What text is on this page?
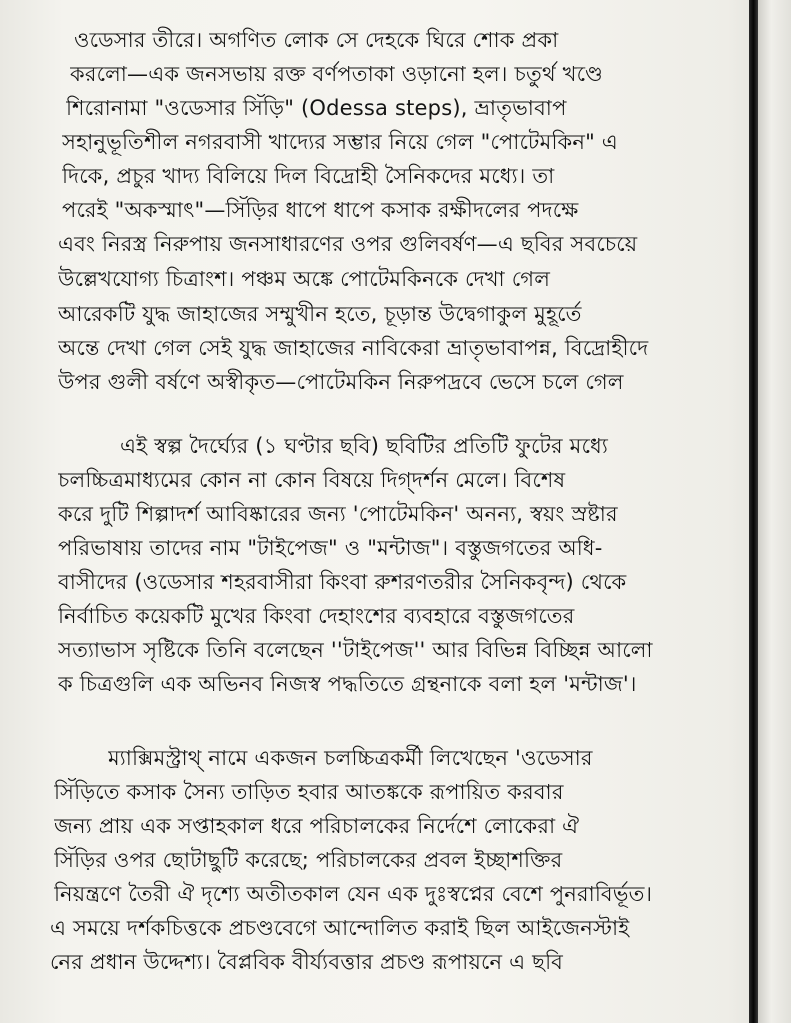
ওডেসার তীরে। অগণিত লোক সে দেহকে ঘিরে শোক প্রকা
করলো—এক জনসভায় রক্ত বর্ণপতাকা ওড়ানো হল। চতুর্থ খণ্ডে
শিরোনামা "ওডেসার সিঁড়ি" (Odessa steps), ভ্রাতৃভাবাপ
সহানুভূতিশীল নগরবাসী খাদ্যের সম্ভার নিয়ে গেল "পোটেমকিন" এ
দিকে, প্রচুর খাদ্য বিলিয়ে দিল বিদ্রোহী সৈনিকদের মধ্যে। তা
পরেই "অকস্মাৎ"—সিঁড়ির ধাপে ধাপে কসাক রক্ষীদলের পদক্ষে
এবং নিরস্ত্র নিরুপায় জনসাধারণের ওপর গুলিবর্ষণ—এ ছবির সবচেয়ে
উল্লেখযোগ্য চিত্রাংশ। পঞ্চম অঙ্কে পোটেমকিনকে দেখা গেল
আরেকটি যুদ্ধ জাহাজের সম্মুখীন হতে, চূড়ান্ত উদ্বেগাকুল মুহূর্তে
অন্তে দেখা গেল সেই যুদ্ধ জাহাজের নাবিকেরা ভ্রাতৃভাবাপন্ন, বিদ্রোহীদে
উপর গুলী বর্ষণে অস্বীকৃত—পোটেমকিন নিরুপদ্রবে ভেসে চলে গেল
এই স্বল্প দৈর্ঘ্যের (১ ঘণ্টার ছবি) ছবিটির প্রতিটি ফুটের মধ্যে
চলচ্চিত্রমাধ্যমের কোন না কোন বিষয়ে দিগ্‌দর্শন মেলে। বিশেষ
করে দুটি শিল্পাদর্শ আবিষ্কারের জন্য 'পোটেমকিন' অনন্য, স্বয়ং স্রষ্টার
পরিভাষায় তাদের নাম "টাইপেজ" ও "মন্টাজ"। বস্তুজগতের অধি-
বাসীদের (ওডেসার শহরবাসীরা কিংবা রুশরণতরীর সৈনিকবৃন্দ) থেকে
নির্বাচিত কয়েকটি মুখের কিংবা দেহাংশের ব্যবহারে বস্তুজগতের
সত্যাভাস সৃষ্টিকে তিনি বলেছেন ''টাইপেজ'' আর বিভিন্ন বিচ্ছিন্ন আলো
ক চিত্রগুলি এক অভিনব নিজস্ব পদ্ধতিতে গ্রন্থনাকে বলা হল 'মন্টাজ'।
ম্যাক্সিমস্ট্রাথ্ নামে একজন চলচ্চিত্রকর্মী লিখেছেন 'ওডেসার
সিঁড়িতে কসাক সৈন্য তাড়িত হবার আতঙ্ককে রূপায়িত করবার
জন্য প্রায় এক সপ্তাহকাল ধরে পরিচালকের নির্দেশে লোকেরা ঐ
সিঁড়ির ওপর ছোটাছুটি করেছে; পরিচালকের প্রবল ইচ্ছাশক্তির
নিয়ন্ত্রণে তৈরী ঐ দৃশ্যে অতীতকাল যেন এক দুঃস্বপ্নের বেশে পুনরাবির্ভূত।
এ সময়ে দর্শকচিত্তকে প্রচণ্ডবেগে আন্দোলিত করাই ছিল আইজেনস্টাই
নের প্রধান উদ্দেশ্য। বৈপ্লবিক বীর্য্যবত্তার প্রচণ্ড রূপায়নে এ ছবি
